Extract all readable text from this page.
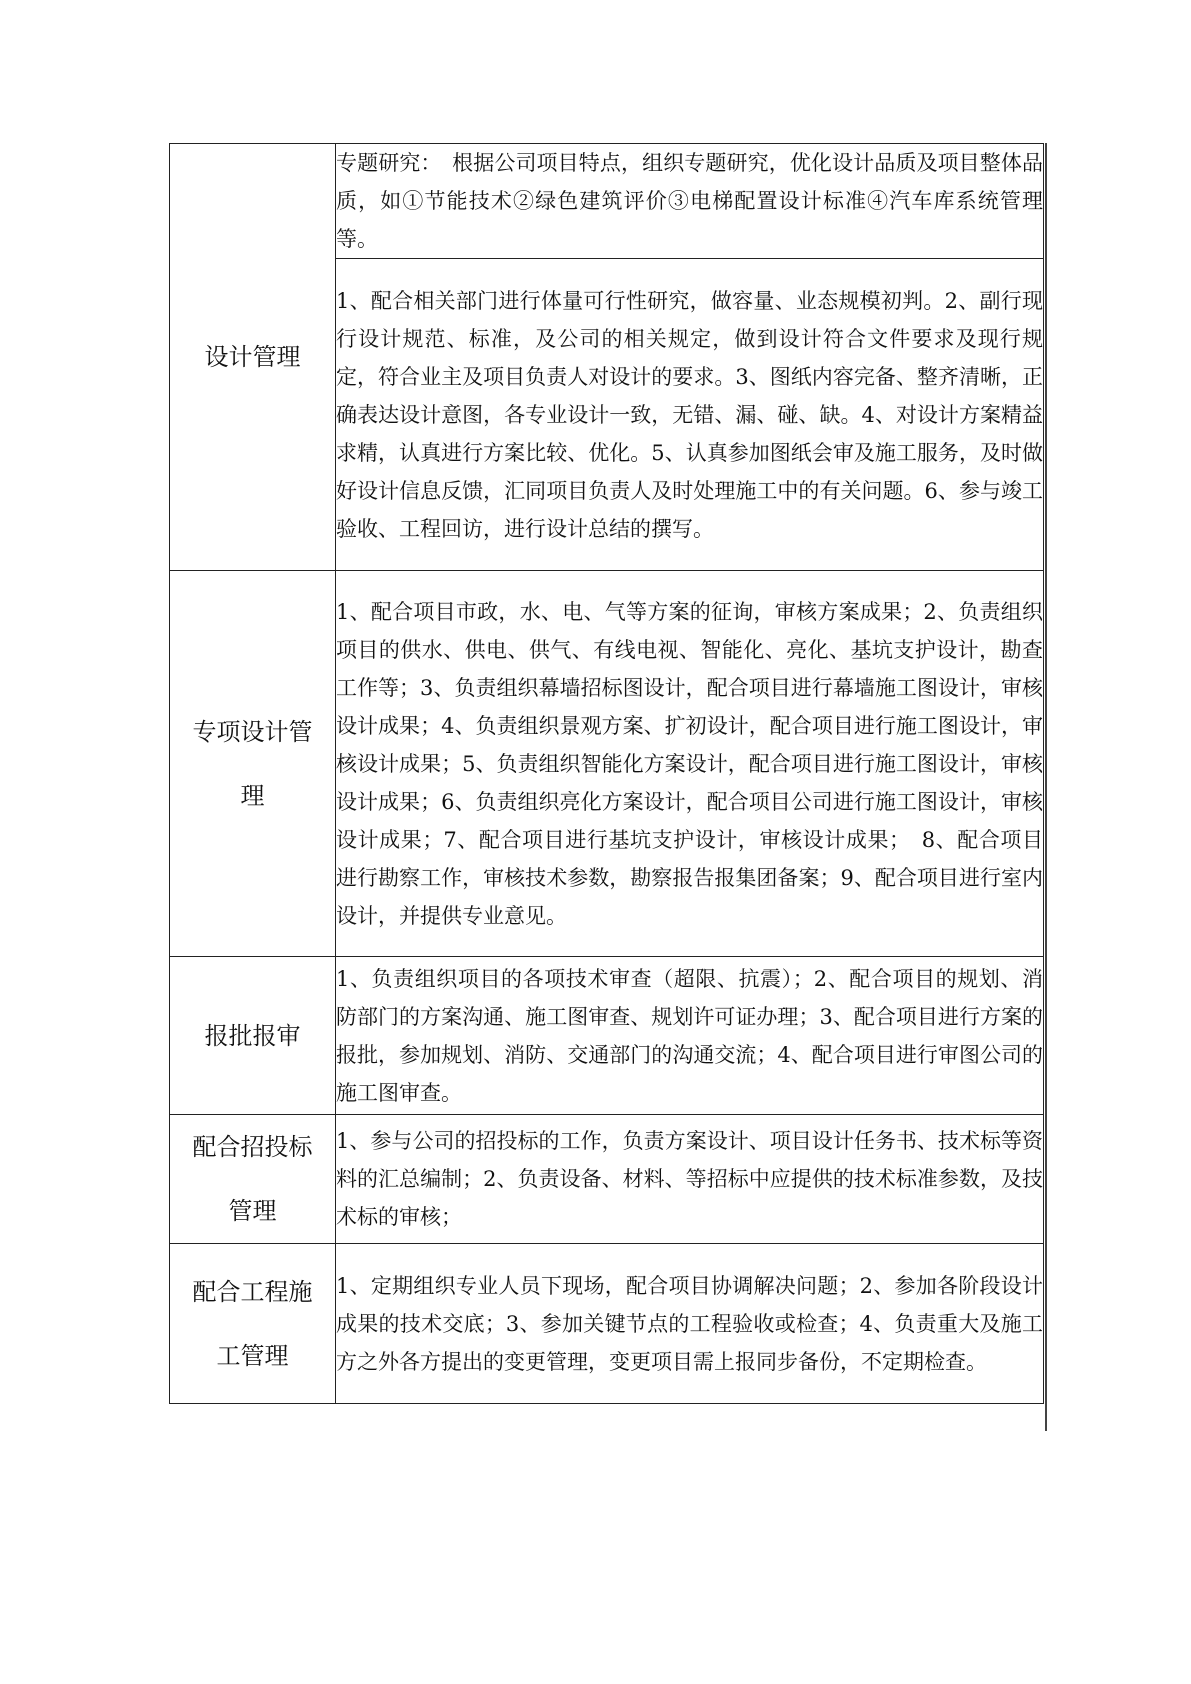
设计管理	专题研究：　根据公司项目特点，组织专题研究，优化设计品质及项目整体品质，如①节能技术②绿色建筑评价③电梯配置设计标准④汽车库系统管理等。
	1、配合相关部门进行体量可行性研究，做容量、业态规模初判。2、副行现行设计规范、标准，及公司的相关规定，做到设计符合文件要求及现行规定，符合业主及项目负责人对设计的要求。3、图纸内容完备、整齐清晰，正确表达设计意图，各专业设计一致，无错、漏、碰、缺。4、对设计方案精益求精，认真进行方案比较、优化。5、认真参加图纸会审及施工服务，及时做好设计信息反馈，汇同项目负责人及时处理施工中的有关问题。6、参与竣工验收、工程回访，进行设计总结的撰写。

专项设计管理	1、配合项目市政，水、电、气等方案的征询，审核方案成果；2、负责组织项目的供水、供电、供气、有线电视、智能化、亮化、基坑支护设计，勘查工作等；3、负责组织幕墙招标图设计，配合项目进行幕墙施工图设计，审核设计成果；4、负责组织景观方案、扩初设计，配合项目进行施工图设计，审核设计成果；5、负责组织智能化方案设计，配合项目进行施工图设计，审核设计成果；6、负责组织亮化方案设计，配合项目公司进行施工图设计，审核设计成果；7、配合项目进行基坑支护设计，审核设计成果；　8、配合项目进行勘察工作，审核技术参数，勘察报告报集团备案；9、配合项目进行室内设计，并提供专业意见。

报批报审	1、负责组织项目的各项技术审查（超限、抗震）；2、配合项目的规划、消防部门的方案沟通、施工图审查、规划许可证办理；3、配合项目进行方案的报批，参加规划、消防、交通部门的沟通交流；4、配合项目进行审图公司的施工图审查。

配合招投标管理	1、参与公司的招投标的工作，负责方案设计、项目设计任务书、技术标等资料的汇总编制；2、负责设备、材料、等招标中应提供的技术标准参数，及技术标的审核；

配合工程施工管理	1、定期组织专业人员下现场，配合项目协调解决问题；2、参加各阶段设计成果的技术交底；3、参加关键节点的工程验收或检查；4、负责重大及施工方之外各方提出的变更管理，变更项目需上报同步备份，不定期检查。
